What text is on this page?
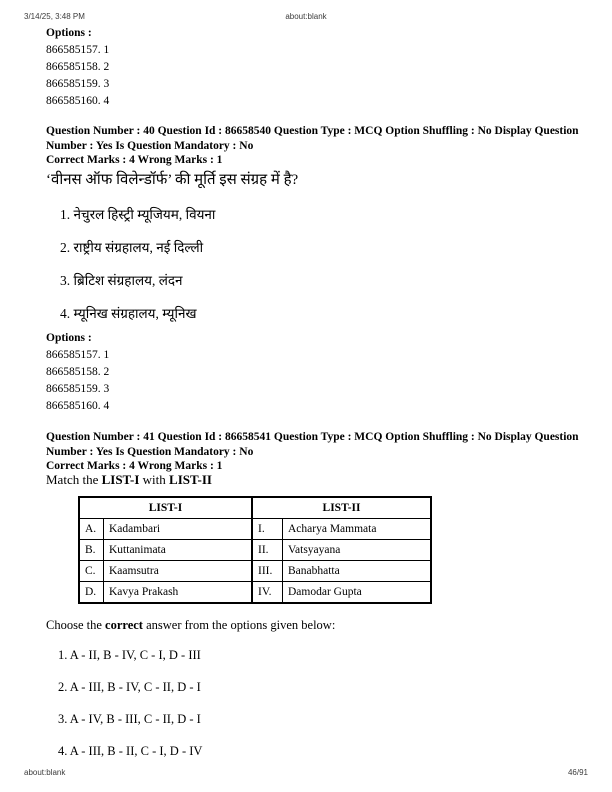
3/14/25, 3:48 PM	about:blank
Options :
866585157. 1
866585158. 2
866585159. 3
866585160. 4
Question Number : 40 Question Id : 86658540 Question Type : MCQ Option Shuffling : No Display Question
Number : Yes Is Question Mandatory : No
Correct Marks : 4 Wrong Marks : 1
‘वीनस ऑफ विलेन्डॉर्फ’ की मूर्ति इस संग्रह में है?
1. नेचुरल हिस्ट्री म्यूजियम, वियना
2. राष्ट्रीय संग्रहालय, नई दिल्ली
3. ब्रिटिश संग्रहालय, लंदन
4. म्यूनिख संग्रहालय, म्यूनिख
Options :
866585157. 1
866585158. 2
866585159. 3
866585160. 4
Question Number : 41 Question Id : 86658541 Question Type : MCQ Option Shuffling : No Display Question
Number : Yes Is Question Mandatory : No
Correct Marks : 4 Wrong Marks : 1
Match the LIST-I with LIST-II
LIST-I		LIST-II	
A.	Kadambari	I.	Acharya Mammata
B.	Kuttanimata	II.	Vatsyayana
C.	Kaamsutra	III.	Banabhatta
D.	Kavya Prakash	IV.	Damodar Gupta
Choose the correct answer from the options given below:
1. A - II, B - IV, C - I, D - III
2. A - III, B - IV, C - II, D - I
3. A - IV, B - III, C - II, D - I
4. A - III, B - II, C - I, D - IV
about:blank	46/91
